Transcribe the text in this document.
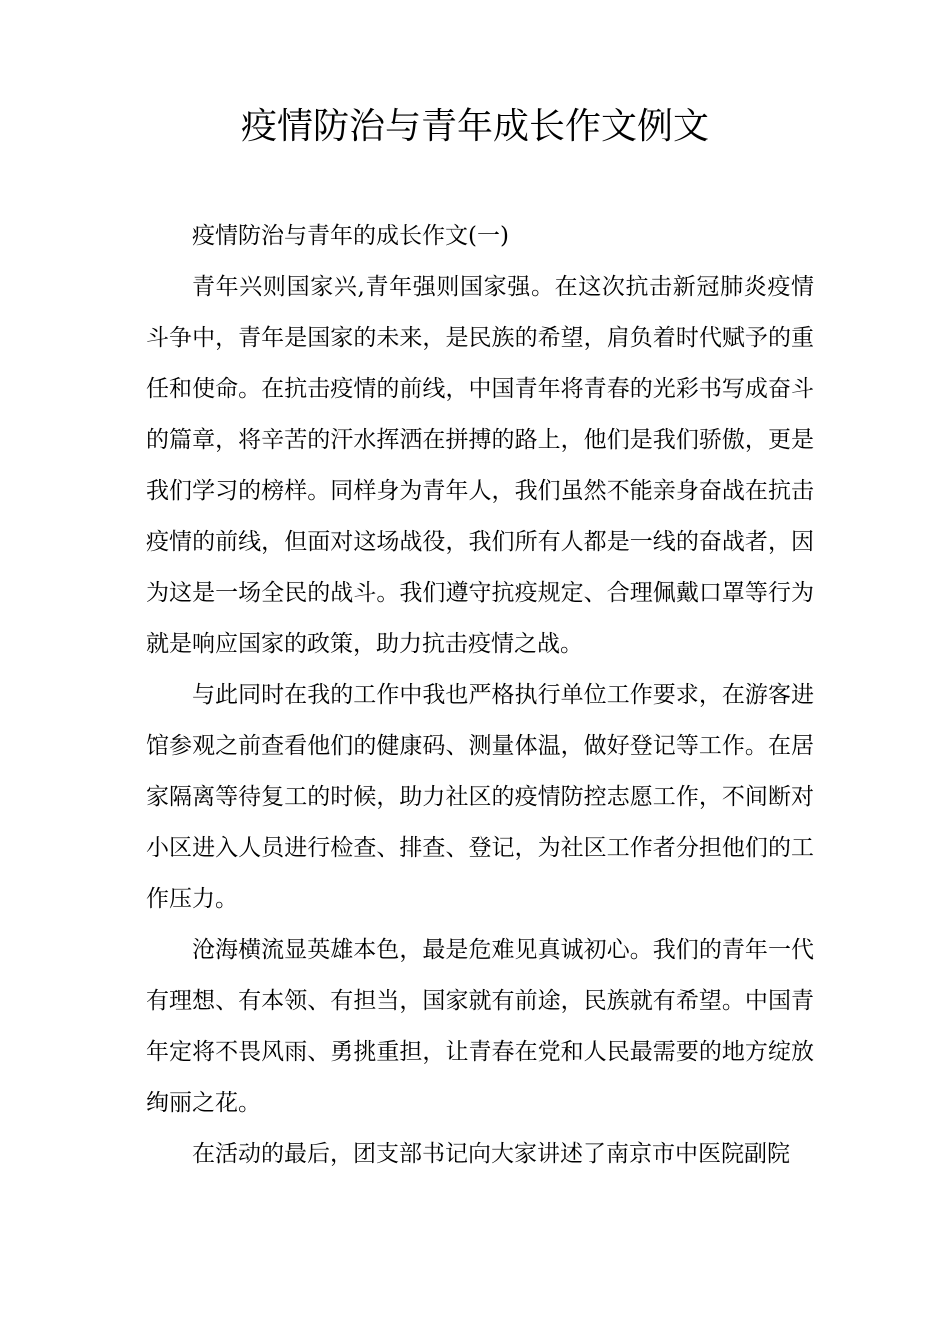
疫情防治与青年成长作文例文

疫情防治与青年的成长作文(一)

青年兴则国家兴,青年强则国家强。在这次抗击新冠肺炎疫情斗争中，青年是国家的未来，是民族的希望，肩负着时代赋予的重任和使命。在抗击疫情的前线，中国青年将青春的光彩书写成奋斗的篇章，将辛苦的汗水挥洒在拼搏的路上，他们是我们骄傲，更是我们学习的榜样。同样身为青年人，我们虽然不能亲身奋战在抗击疫情的前线，但面对这场战役，我们所有人都是一线的奋战者，因为这是一场全民的战斗。我们遵守抗疫规定、合理佩戴口罩等行为就是响应国家的政策，助力抗击疫情之战。

与此同时在我的工作中我也严格执行单位工作要求，在游客进馆参观之前查看他们的健康码、测量体温，做好登记等工作。在居家隔离等待复工的时候，助力社区的疫情防控志愿工作，不间断对小区进入人员进行检查、排查、登记，为社区工作者分担他们的工作压力。

沧海横流显英雄本色，最是危难见真诚初心。我们的青年一代有理想、有本领、有担当，国家就有前途，民族就有希望。中国青年定将不畏风雨、勇挑重担，让青春在党和人民最需要的地方绽放绚丽之花。

在活动的最后，团支部书记向大家讲述了南京市中医院副院
